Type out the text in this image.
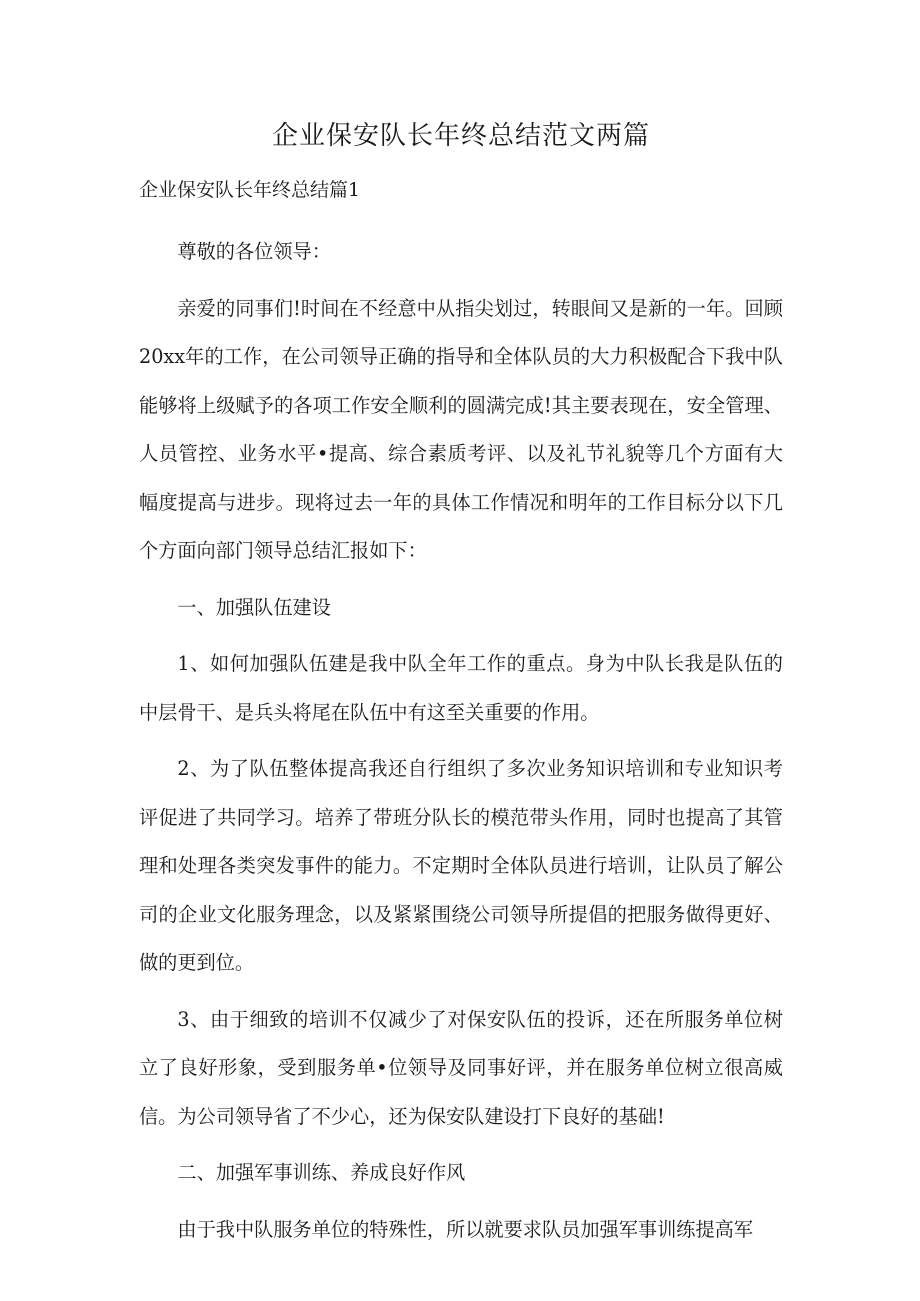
企业保安队长年终总结范文两篇

企业保安队长年终总结篇1

尊敬的各位领导：

亲爱的同事们!时间在不经意中从指尖划过，转眼间又是新的一年。回顾20xx年的工作，在公司领导正确的指导和全体队员的大力积极配合下我中队能够将上级赋予的各项工作安全顺利的圆满完成!其主要表现在，安全管理、人员管控、业务水平•提高、综合素质考评、以及礼节礼貌等几个方面有大幅度提高与进步。现将过去一年的具体工作情况和明年的工作目标分以下几个方面向部门领导总结汇报如下：

一、加强队伍建设

1、如何加强队伍建是我中队全年工作的重点。身为中队长我是队伍的中层骨干、是兵头将尾在队伍中有这至关重要的作用。

2、为了队伍整体提高我还自行组织了多次业务知识培训和专业知识考评促进了共同学习。培养了带班分队长的模范带头作用，同时也提高了其管理和处理各类突发事件的能力。不定期时全体队员进行培训，让队员了解公司的企业文化服务理念，以及紧紧围绕公司领导所提倡的把服务做得更好、做的更到位。

3、由于细致的培训不仅减少了对保安队伍的投诉，还在所服务单位树立了良好形象，受到服务单•位领导及同事好评，并在服务单位树立很高威信。为公司领导省了不少心，还为保安队建设打下良好的基础!

二、加强军事训练、养成良好作风

由于我中队服务单位的特殊性，所以就要求队员加强军事训练提高军
